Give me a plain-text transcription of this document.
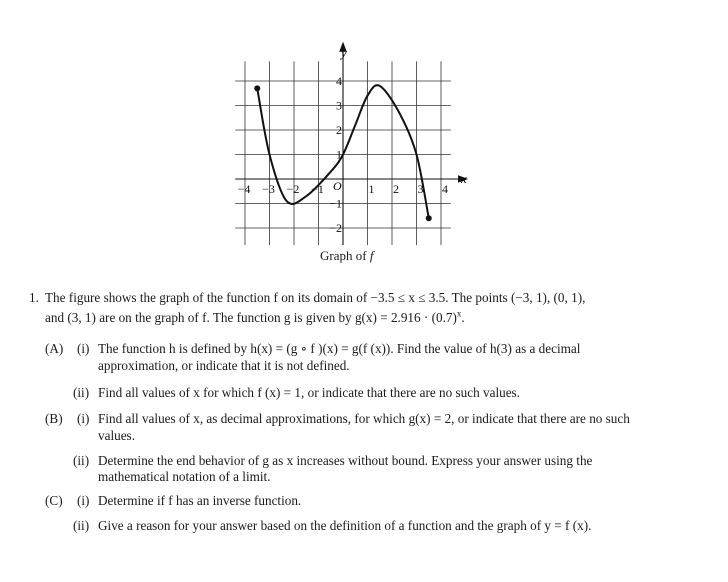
−4 −3 −2 −1	1 2 3 4
4
3
2
1
−1
−2
x
y
O
Graph of f
1. The figure shows the graph of the function f on its domain of −3.5 ≤ x ≤ 3.5. The points (−3, 1), (0, 1),
and (3, 1) are on the graph of f. The function g is given by $g(x) = 2.916 \cdot (0.7)^x$.
(A) (i) The function h is defined by h(x) = (g ∘ f )(x) = g(f (x)). Find the value of h(3) as a decimal
approximation, or indicate that it is not defined.
(ii) Find all values of x for which f (x) = 1, or indicate that there are no such values.
(B) (i) Find all values of x, as decimal approximations, for which g(x) = 2, or indicate that there are no such
values.
(ii) Determine the end behavior of g as x increases without bound. Express your answer using the
mathematical notation of a limit.
(C) (i) Determine if f has an inverse function.
(ii) Give a reason for your answer based on the definition of a function and the graph of y = f (x).
